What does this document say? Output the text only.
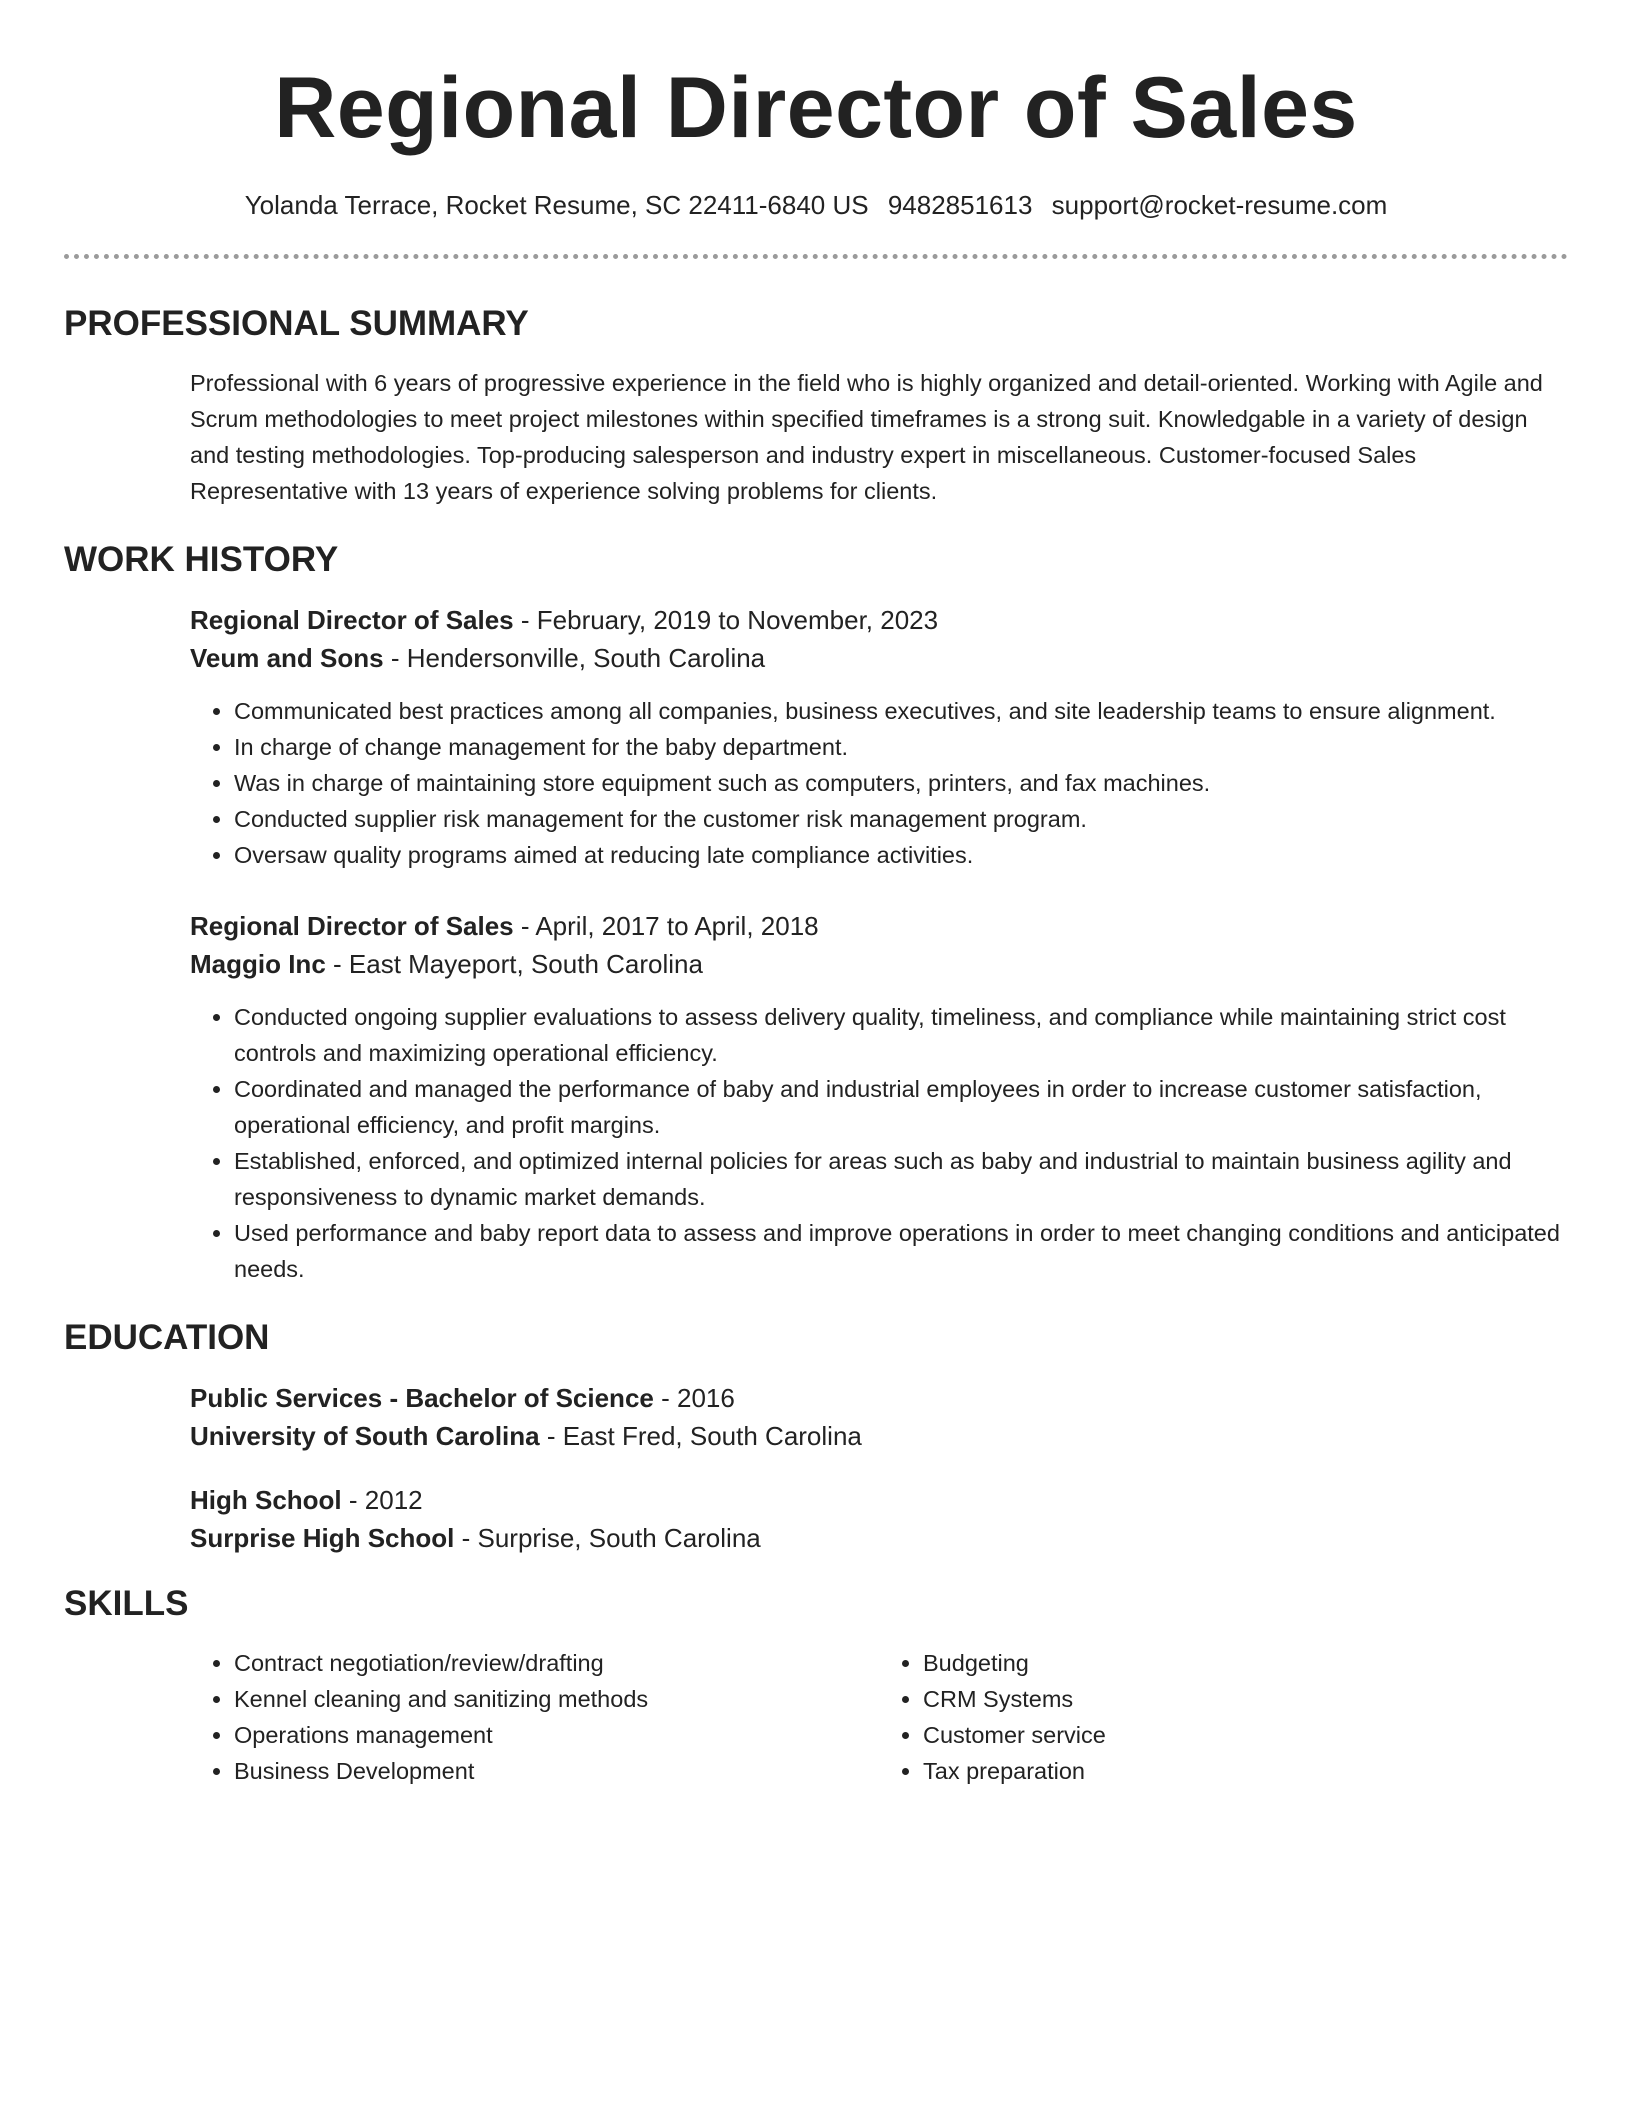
Regional Director of Sales
Yolanda Terrace, Rocket Resume, SC 22411-6840 US 9482851613 support@rocket-resume.com
PROFESSIONAL SUMMARY

Professional with 6 years of progressive experience in the field who is highly organized and detail-oriented. Working with Agile and Scrum methodologies to meet project milestones within specified timeframes is a strong suit. Knowledgable in a variety of design and testing methodologies. Top-producing salesperson and industry expert in miscellaneous. Customer-focused Sales Representative with 13 years of experience solving problems for clients.

WORK HISTORY
Regional Director of Sales - February, 2019 to November, 2023
Veum and Sons - Hendersonville, South Carolina
• Communicated best practices among all companies, business executives, and site leadership teams to ensure alignment.
• In charge of change management for the baby department.
• Was in charge of maintaining store equipment such as computers, printers, and fax machines.
• Conducted supplier risk management for the customer risk management program.
• Oversaw quality programs aimed at reducing late compliance activities.
Regional Director of Sales - April, 2017 to April, 2018
Maggio Inc - East Mayeport, South Carolina
• Conducted ongoing supplier evaluations to assess delivery quality, timeliness, and compliance while maintaining strict cost controls and maximizing operational efficiency.
• Coordinated and managed the performance of baby and industrial employees in order to increase customer satisfaction, operational efficiency, and profit margins.
• Established, enforced, and optimized internal policies for areas such as baby and industrial to maintain business agility and responsiveness to dynamic market demands.
• Used performance and baby report data to assess and improve operations in order to meet changing conditions and anticipated needs.
EDUCATION
Public Services - Bachelor of Science - 2016
University of South Carolina - East Fred, South Carolina
High School - 2012
Surprise High School - Surprise, South Carolina
SKILLS
• Contract negotiation/review/drafting
• Kennel cleaning and sanitizing methods
• Operations management
• Business Development
• Budgeting
• CRM Systems
• Customer service
• Tax preparation
